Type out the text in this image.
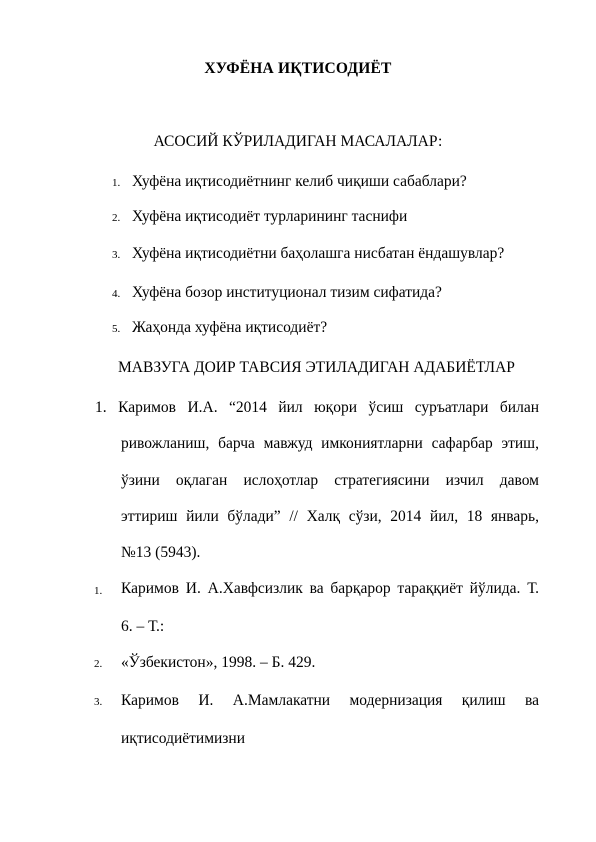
ХУФЁНА ИҚТИСОДИЁТ
АСОСИЙ КЎРИЛАДИГАН МАСАЛАЛАР:
1. Хуфёна иқтисодиётнинг келиб чиқиши сабаблари?
2. Хуфёна иқтисодиёт турларининг таснифи
3. Хуфёна иқтисодиётни баҳолашга нисбатан ёндашувлар?
4. Хуфёна бозор институционал тизим сифатида?
5. Жаҳонда хуфёна иқтисодиёт?
МАВЗУГА ДОИР ТАВСИЯ ЭТИЛАДИГАН АДАБИЁТЛАР
1. Каримов И.А. “2014 йил юқори ўсиш суръатлари билан
ривожланиш, барча мавжуд имкониятларни сафарбар этиш,
ўзини оқлаган ислоҳотлар стратегиясини изчил давом
эттириш йили бўлади” // Халқ сўзи, 2014 йил, 18 январь,
№13 (5943).
1. Каримов И. А.Хавфсизлик ва барқарор тараққиёт йўлида. Т.
6. – Т.:
2. «Ўзбекистон», 1998. – Б. 429.
3. Каримов И. А.Мамлакатни модернизация қилиш ва
иқтисодиётимизни
